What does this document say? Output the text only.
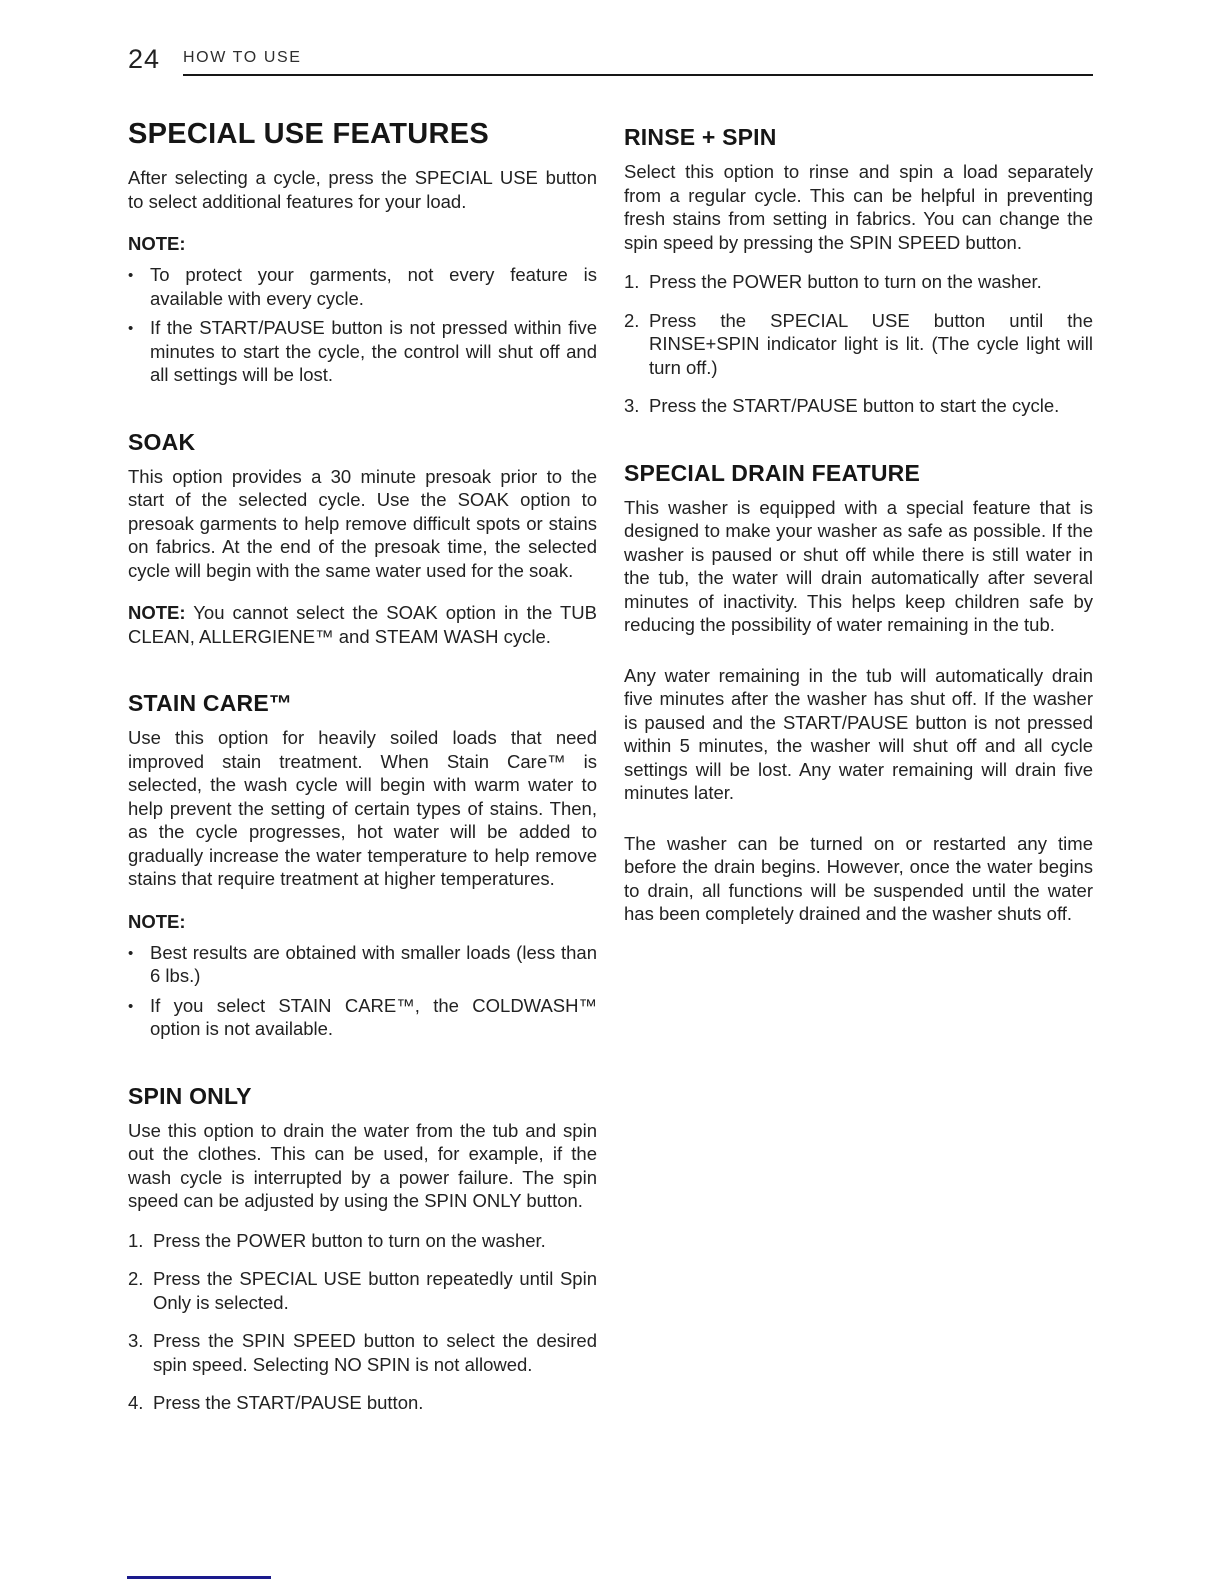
24	HOW TO USE
SPECIAL USE FEATURES
After selecting a cycle, press the SPECIAL USE button to select additional features for your load.
NOTE:
• To protect your garments, not every feature is available with every cycle.
• If the START/PAUSE button is not pressed within five minutes to start the cycle, the control will shut off and all settings will be lost.
SOAK
This option provides a 30 minute presoak prior to the start of the selected cycle. Use the SOAK option to presoak garments to help remove difficult spots or stains on fabrics. At the end of the presoak time, the selected cycle will begin with the same water used for the soak.
NOTE: You cannot select the SOAK option in the TUB CLEAN, ALLERGIENE™ and STEAM WASH cycle.
STAIN CARE™
Use this option for heavily soiled loads that need improved stain treatment. When Stain Care™ is selected, the wash cycle will begin with warm water to help prevent the setting of certain types of stains. Then, as the cycle progresses, hot water will be added to gradually increase the water temperature to help remove stains that require treatment at higher temperatures.
NOTE:
• Best results are obtained with smaller loads (less than 6 lbs.)
• If you select STAIN CARE™, the COLDWASH™ option is not available.
SPIN ONLY
Use this option to drain the water from the tub and spin out the clothes. This can be used, for example, if the wash cycle is interrupted by a power failure. The spin speed can be adjusted by using the SPIN ONLY button.
1. Press the POWER button to turn on the washer.
2. Press the SPECIAL USE button repeatedly until Spin Only is selected.
3. Press the SPIN SPEED button to select the desired spin speed. Selecting NO SPIN is not allowed.
4. Press the START/PAUSE button.
RINSE + SPIN
Select this option to rinse and spin a load separately from a regular cycle. This can be helpful in preventing fresh stains from setting in fabrics. You can change the spin speed by pressing the SPIN SPEED button.
1. Press the POWER button to turn on the washer.
2. Press the SPECIAL USE button until the RINSE+SPIN indicator light is lit. (The cycle light will turn off.)
3. Press the START/PAUSE button to start the cycle.
SPECIAL DRAIN FEATURE
This washer is equipped with a special feature that is designed to make your washer as safe as possible. If the washer is paused or shut off while there is still water in the tub, the water will drain automatically after several minutes of inactivity. This helps keep children safe by reducing the possibility of water remaining in the tub.
Any water remaining in the tub will automatically drain five minutes after the washer has shut off. If the washer is paused and the START/PAUSE button is not pressed within 5 minutes, the washer will shut off and all cycle settings will be lost. Any water remaining will drain five minutes later.
The washer can be turned on or restarted any time before the drain begins. However, once the water begins to drain, all functions will be suspended until the water has been completely drained and the washer shuts off.
